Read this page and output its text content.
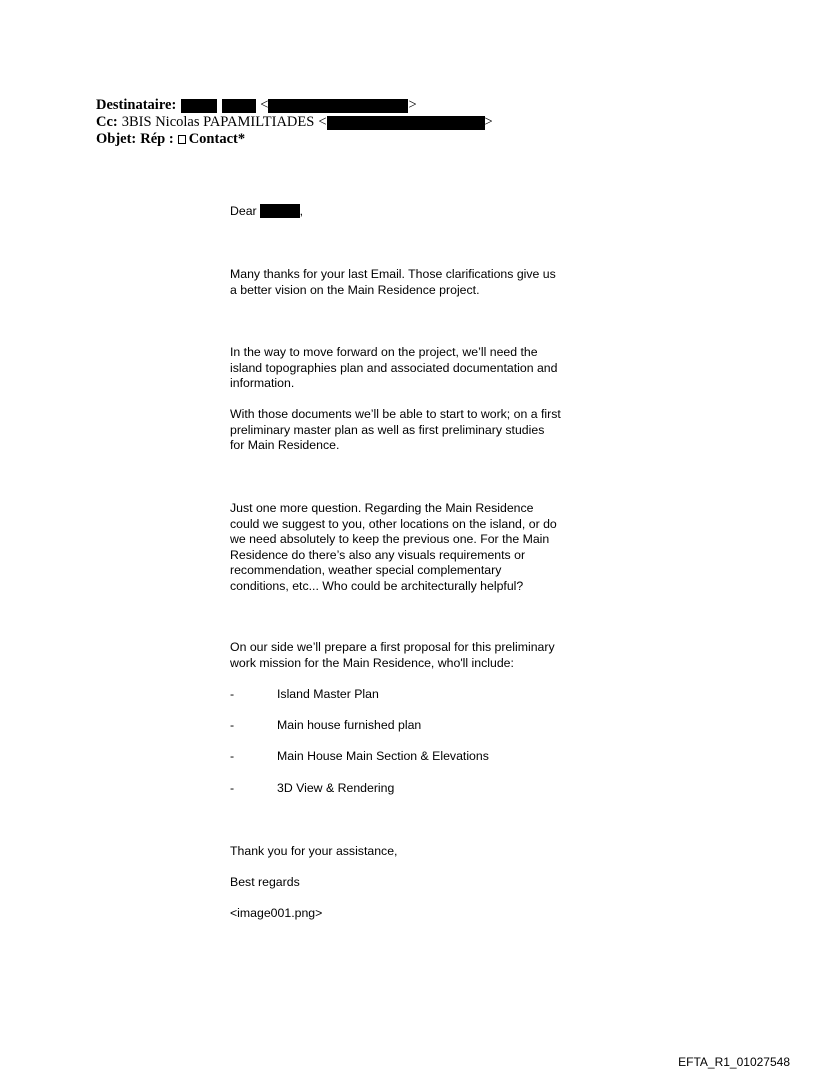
Destinataire:	<	>
Cc: 3BIS Nicolas PAPAMILTIADES <	>
Objet: Rép : Contact*
Dear	,
Many thanks for your last Email. Those clarifications give us
a better vision on the Main Residence project.
In the way to move forward on the project, we’ll need the
island topographies plan and associated documentation and
information.
With those documents we’ll be able to start to work; on a first
preliminary master plan as well as first preliminary studies
for Main Residence.
Just one more question. Regarding the Main Residence
could we suggest to you, other locations on the island, or do
we need absolutely to keep the previous one. For the Main
Residence do there’s also any visuals requirements or
recommendation, weather special complementary
conditions, etc... Who could be architecturally helpful?
On our side we’ll prepare a first proposal for this preliminary
work mission for the Main Residence, who'll include:
-	Island Master Plan
-	Main house furnished plan
-	Main House Main Section & Elevations
-	3D View & Rendering
Thank you for your assistance,
Best regards
<image001.png>
EFTA_R1_01027548
